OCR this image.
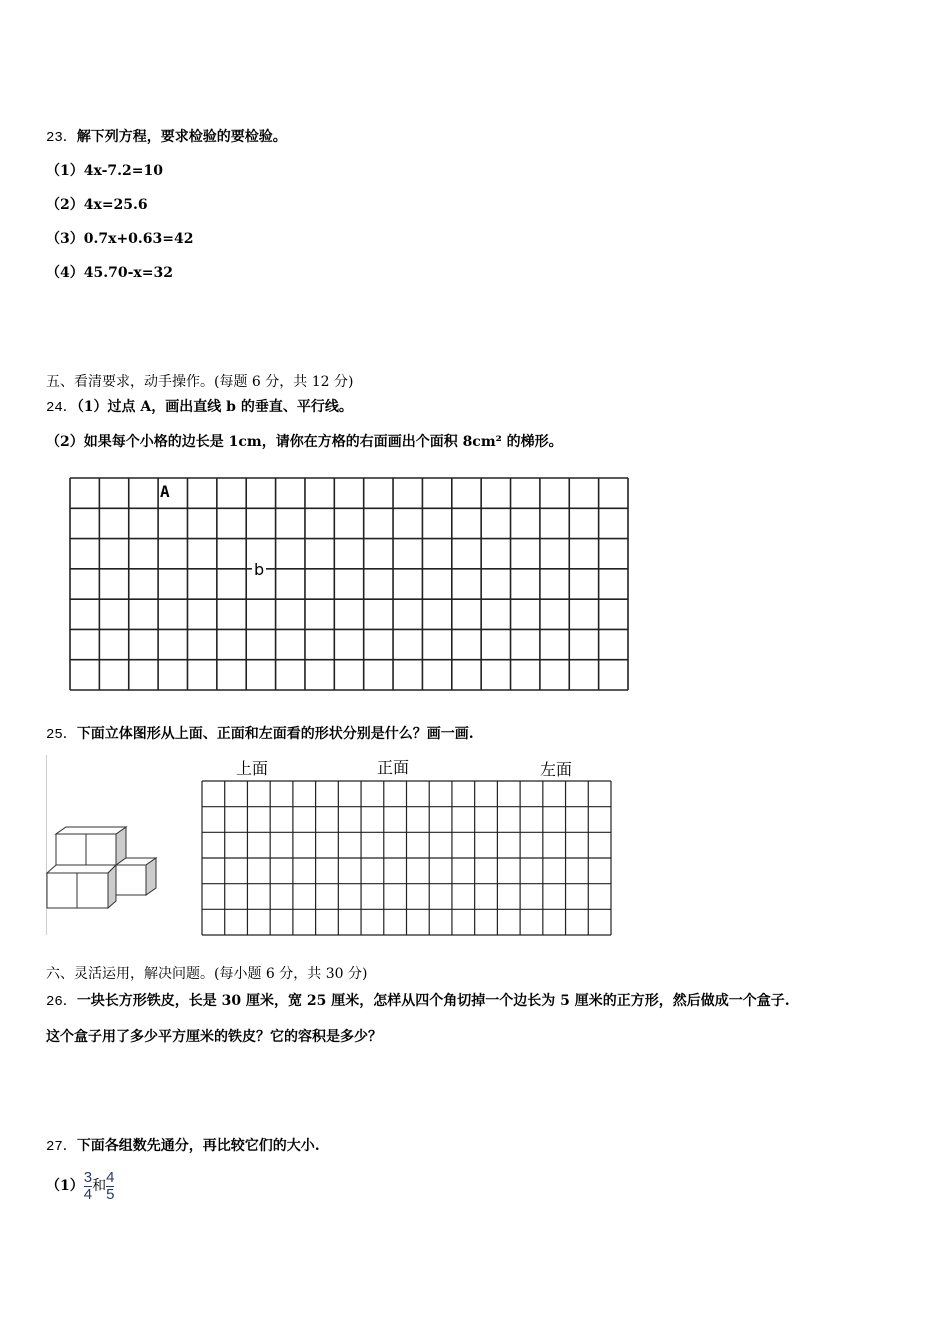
23．解下列方程，要求检验的要检验。
（1）4x-7.2=10
（2）4x=25.6
（3）0.7x+0.63=42
（4）45.70-x=32
五、看清要求，动手操作。(每题 6 分，共 12 分)
24．（1）过点 A，画出直线 b 的垂直、平行线。
（2）如果每个小格的边长是 1cm，请你在方格的右面画出个面积 8cm² 的梯形。
A
b
25．下面立体图形从上面、正面和左面看的形状分别是什么？画一画.
上面	正面	左面
六、灵活运用，解决问题。(每小题 6 分，共 30 分)
26．一块长方形铁皮，长是 30 厘米，宽 25 厘米，怎样从四个角切掉一个边长为 5 厘米的正方形，然后做成一个盒子.
这个盒子用了多少平方厘米的铁皮？它的容积是多少？
27．下面各组数先通分，再比较它们的大小.
$(1) \frac{3}{4}$ 和 $\frac{4}{5}$
